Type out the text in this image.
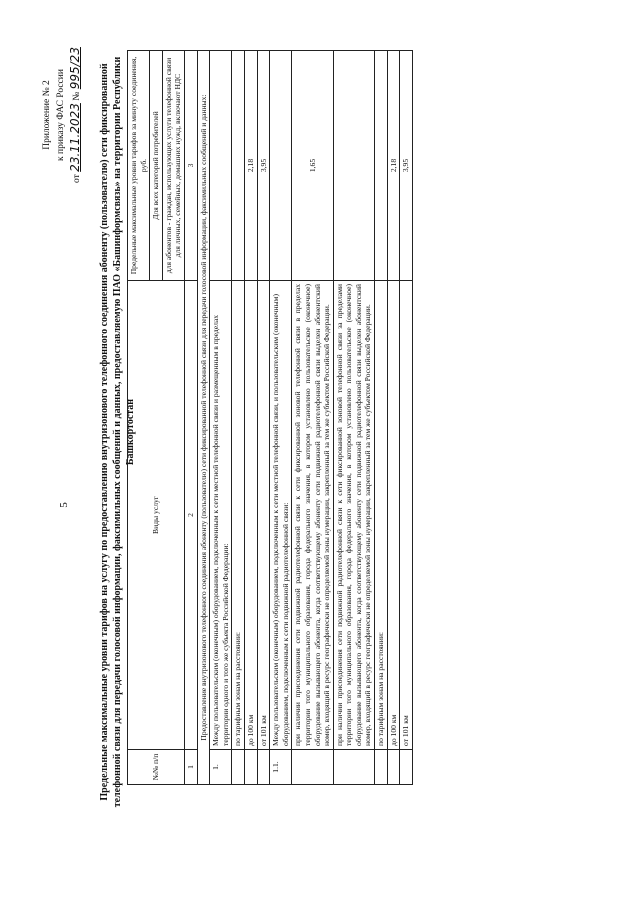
Приложение № 2 к приказу ФАС России
от 23.11.2023 № 995/23
5	Предельные максимальные уровни тарифов на услугу по предоставлению внутризонового телефонного соединения абоненту (пользователю) сети фиксированной телефонной связи для передачи голосовой информации, факсимильных сообщений и данных, предоставляемую ПАО «Башинформсвязь» на территории Республики Башкортостан
№№ п/п	Виды услуг	Предельные максимальные уровни тарифов за минуту соединения, руб.
		Для всех категорий потребителей
		для абонентов - граждан, использующих услуги телефонной связи для личных, семейных, домашних нужд, включают НДС
1	2	3
Предоставление внутризонового телефонного соединения абоненту (пользователю) сети фиксированной телефонной связи для передачи голосовой информации, факсимильных сообщений и данных:		
1.	Между пользовательским (оконечным) оборудованием, подключенным к сети местной телефонной связи и размещенным в пределах территории одного и того же субъекта Российской Федерации:	
	по тарифным зонам на расстоянии:	
	до 100 км	2,18
	от 101 км	3,95
1.1.	Между пользовательским (оконечным) оборудованием, подключенным к сети местной телефонной связи, и пользовательским (оконечным) оборудованием, подключенным к сети подвижной радиотелефонной связи:	
	при наличии присоединения сети подвижной радиотелефонной связи к сети фиксированной зоновой телефонной связи в пределах территории того муниципального образования, города федерального значения, в котором установлено пользовательское (оконечное) оборудование вызывающего абонента, когда соответствующему абоненту сети подвижной радиотелефонной связи выделен абонентский номер, входящий в ресурс географически не определяемой зоны нумерации, закрепленный за тем же субъектом Российской Федерации.	1,65
	при наличии присоединения сети подвижной радиотелефонной связи к сети фиксированной зоновой телефонной связи за пределами территории того муниципального образования, города федерального значения, в котором установлено пользовательское (оконечное) оборудование вызывающего абонента, когда соответствующему абоненту сети подвижной радиотелефонной связи выделен абонентский номер, входящий в ресурс географически не определяемой зоны нумерации, закрепленный за тем же субъектом Российской Федерации.	
	по тарифным зонам на расстоянии:	
	до 100 км	2,18
	от 101 км	3,95
